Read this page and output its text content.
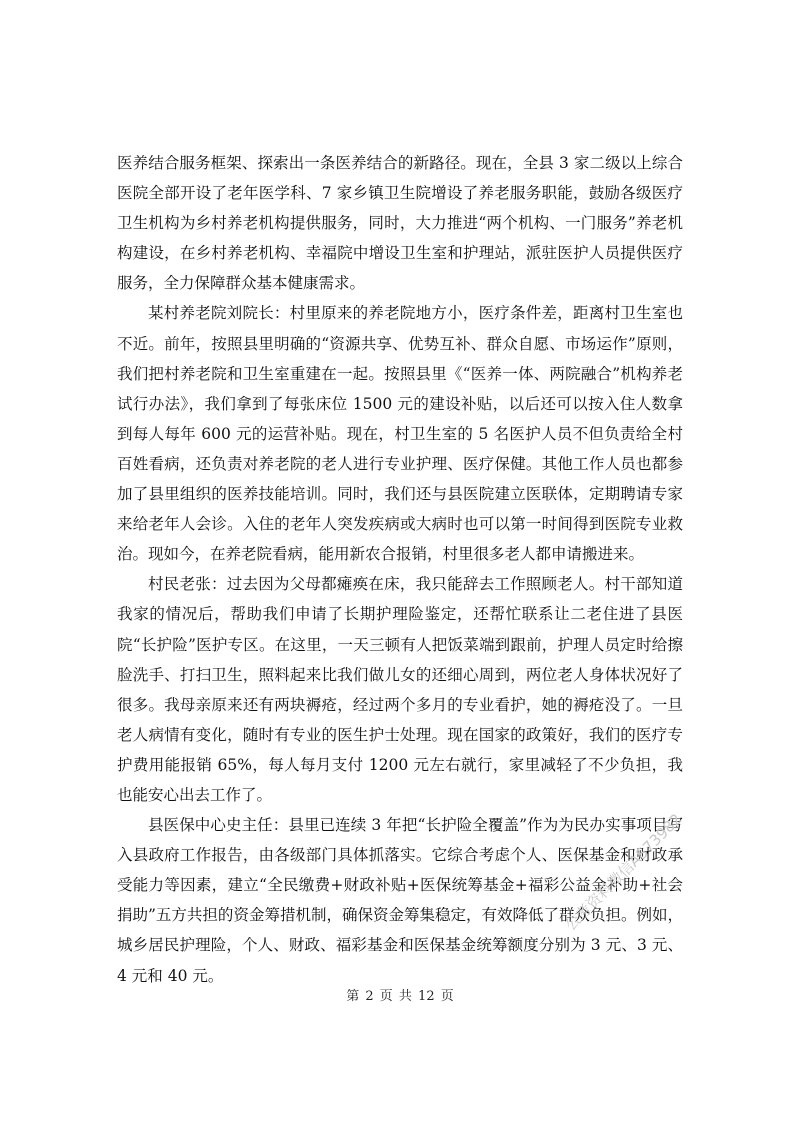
医养结合服务框架、探索出一条医养结合的新路径。现在，全县 3 家二级以上综合医院全部开设了老年医学科、7 家乡镇卫生院增设了养老服务职能，鼓励各级医疗卫生机构为乡村养老机构提供服务，同时，大力推进“两个机构、一门服务”养老机构建设，在乡村养老机构、幸福院中增设卫生室和护理站，派驻医护人员提供医疗服务，全力保障群众基本健康需求。

某村养老院刘院长：村里原来的养老院地方小，医疗条件差，距离村卫生室也不近。前年，按照县里明确的“资源共享、优势互补、群众自愿、市场运作”原则，我们把村养老院和卫生室重建在一起。按照县里《“医养一体、两院融合”机构养老试行办法》，我们拿到了每张床位 1500 元的建设补贴，以后还可以按入住人数拿到每人每年 600 元的运营补贴。现在，村卫生室的 5 名医护人员不但负责给全村百姓看病，还负责对养老院的老人进行专业护理、医疗保健。其他工作人员也都参加了县里组织的医养技能培训。同时，我们还与县医院建立医联体，定期聘请专家来给老年人会诊。入住的老年人突发疾病或大病时也可以第一时间得到医院专业救治。现如今，在养老院看病，能用新农合报销，村里很多老人都申请搬进来。

村民老张：过去因为父母都瘫痪在床，我只能辞去工作照顾老人。村干部知道我家的情况后，帮助我们申请了长期护理险鉴定，还帮忙联系让二老住进了县医院“长护险”医护专区。在这里，一天三顿有人把饭菜端到跟前，护理人员定时给擦脸洗手、打扫卫生，照料起来比我们做儿女的还细心周到，两位老人身体状况好了很多。我母亲原来还有两块褥疮，经过两个多月的专业看护，她的褥疮没了。一旦老人病情有变化，随时有专业的医生护士处理。现在国家的政策好，我们的医疗专护费用能报销 65%，每人每月支付 1200 元左右就行，家里减轻了不少负担，我也能安心出去工作了。

县医保中心史主任：县里已连续 3 年把“长护险全覆盖”作为为民办实事项目写入县政府工作报告，由各级部门具体抓落实。它综合考虑个人、医保基金和财政承受能力等因素，建立“全民缴费+财政补贴+医保统筹基金+福彩公益金补助+社会捐助”五方共担的资金筹措机制，确保资金筹集稳定，有效降低了群众负担。例如，城乡居民护理险，个人、财政、福彩基金和医保基金统筹额度分别为 3 元、3 元、4 元和 40 元。

公考资料微信AS73982
第 2 页 共 12 页
